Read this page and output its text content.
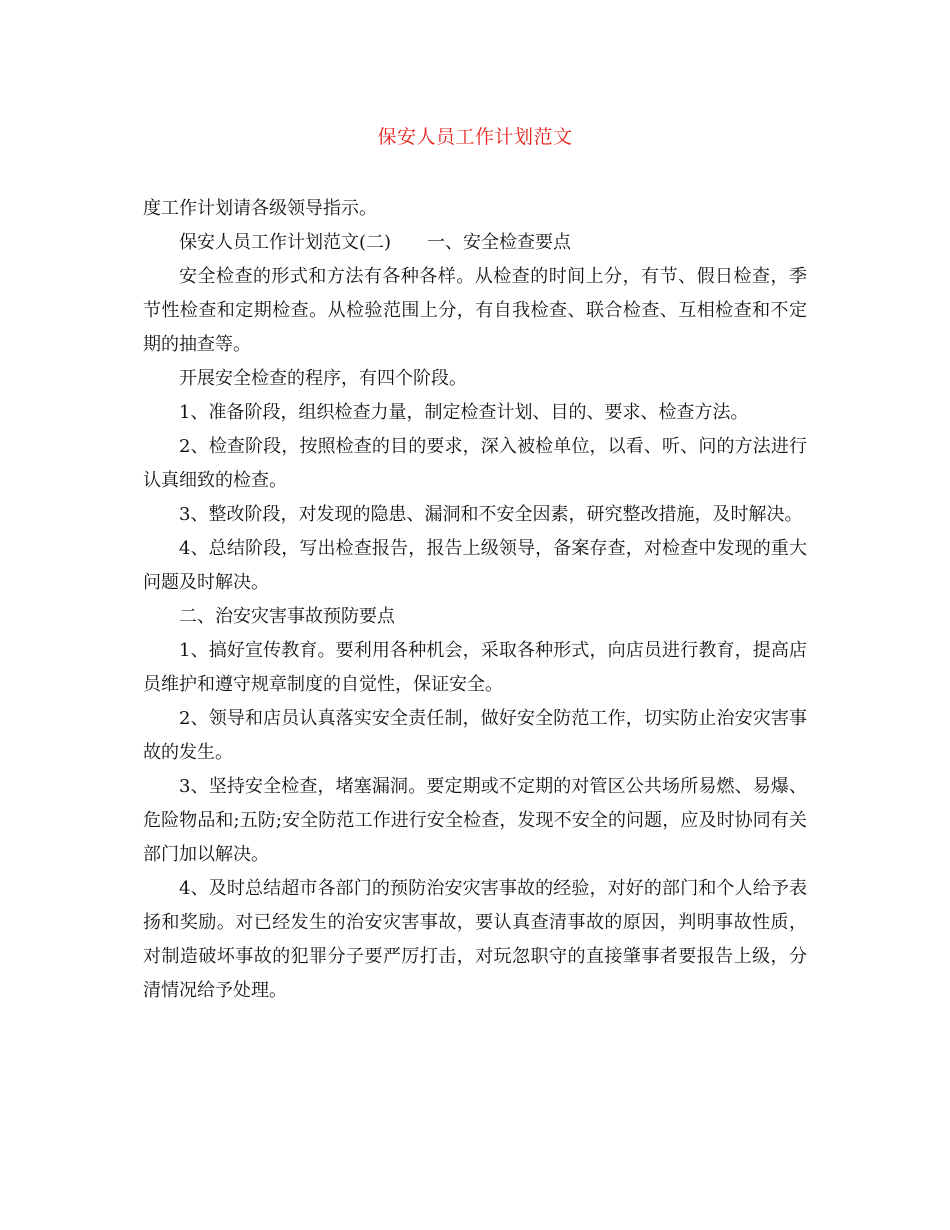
保安人员工作计划范文

度工作计划请各级领导指示。

保安人员工作计划范文(二) 一、安全检查要点

安全检查的形式和方法有各种各样。从检查的时间上分，有节、假日检查，季节性检查和定期检查。从检验范围上分，有自我检查、联合检查、互相检查和不定期的抽查等。

开展安全检查的程序，有四个阶段。

1、准备阶段，组织检查力量，制定检查计划、目的、要求、检查方法。

2、检查阶段，按照检查的目的要求，深入被检单位，以看、听、问的方法进行认真细致的检查。

3、整改阶段，对发现的隐患、漏洞和不安全因素，研究整改措施，及时解决。

4、总结阶段，写出检查报告，报告上级领导，备案存查，对检查中发现的重大问题及时解决。

二、治安灾害事故预防要点

1、搞好宣传教育。要利用各种机会，采取各种形式，向店员进行教育，提高店员维护和遵守规章制度的自觉性，保证安全。

2、领导和店员认真落实安全责任制，做好安全防范工作，切实防止治安灾害事故的发生。

3、坚持安全检查，堵塞漏洞。要定期或不定期的对管区公共场所易燃、易爆、危险物品和;五防;安全防范工作进行安全检查，发现不安全的问题，应及时协同有关部门加以解决。

4、及时总结超市各部门的预防治安灾害事故的经验，对好的部门和个人给予表扬和奖励。对已经发生的治安灾害事故，要认真查清事故的原因，判明事故性质，对制造破坏事故的犯罪分子要严厉打击，对玩忽职守的直接肇事者要报告上级，分清情况给予处理。
